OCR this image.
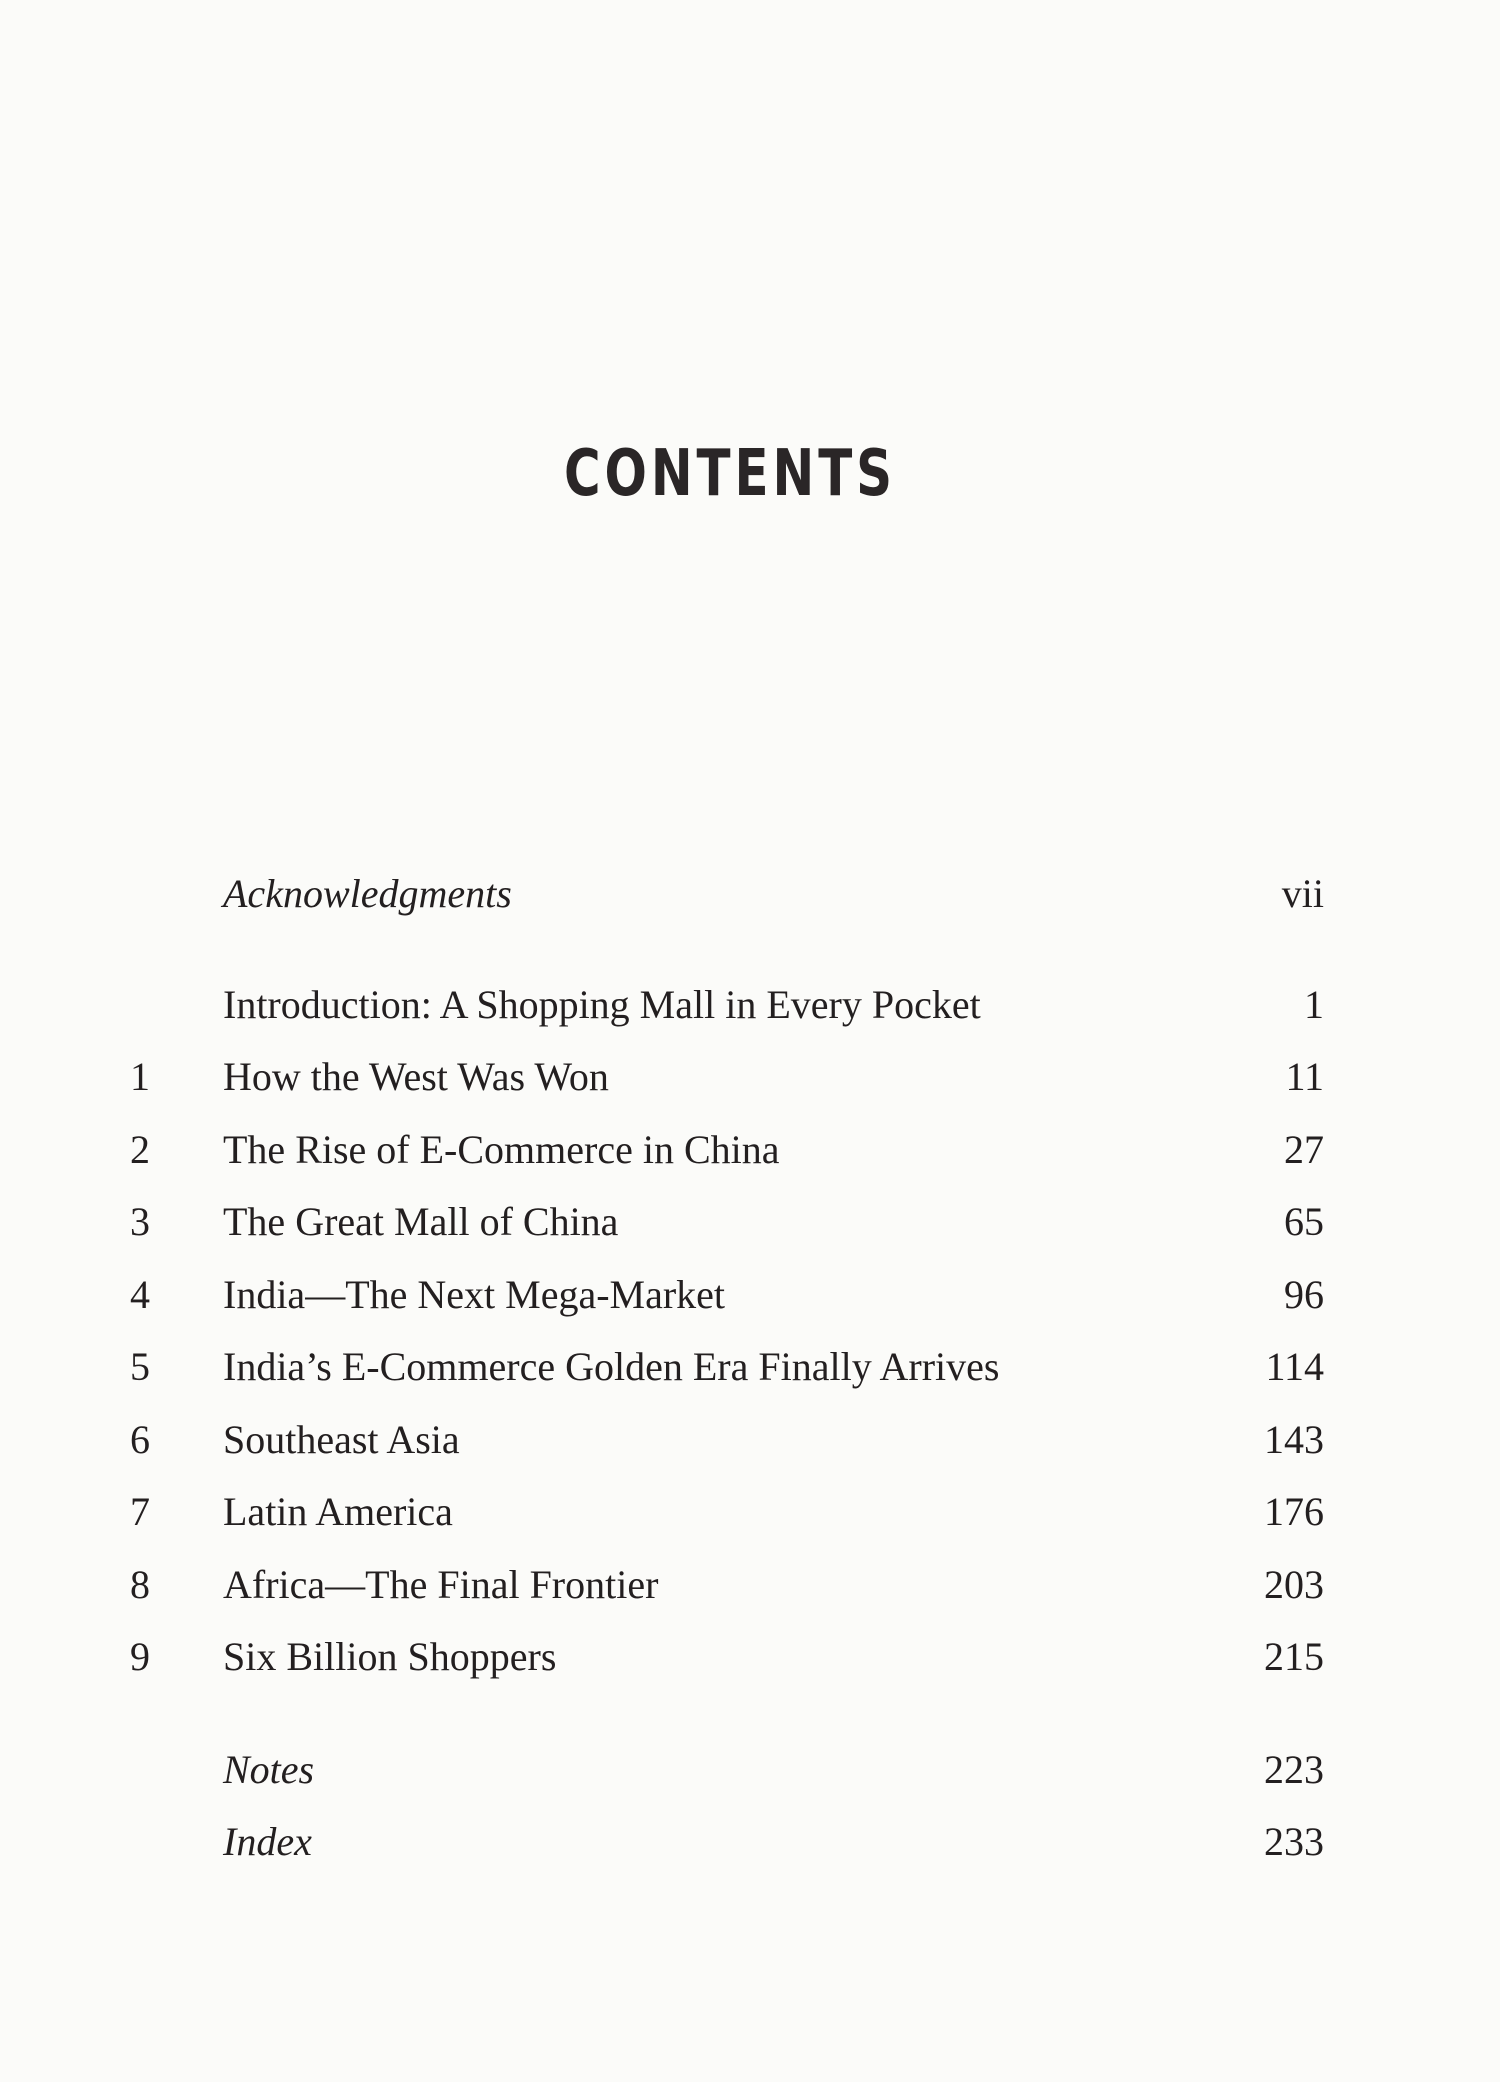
CONTENTS
Acknowledgments	vii
Introduction: A Shopping Mall in Every Pocket	1
1	How the West Was Won	11
2	The Rise of E-Commerce in China	27
3	The Great Mall of China	65
4	India—The Next Mega-Market	96
5	India’s E-Commerce Golden Era Finally Arrives	114
6	Southeast Asia	143
7	Latin America	176
8	Africa—The Final Frontier	203
9	Six Billion Shoppers	215
Notes	223
Index	233
